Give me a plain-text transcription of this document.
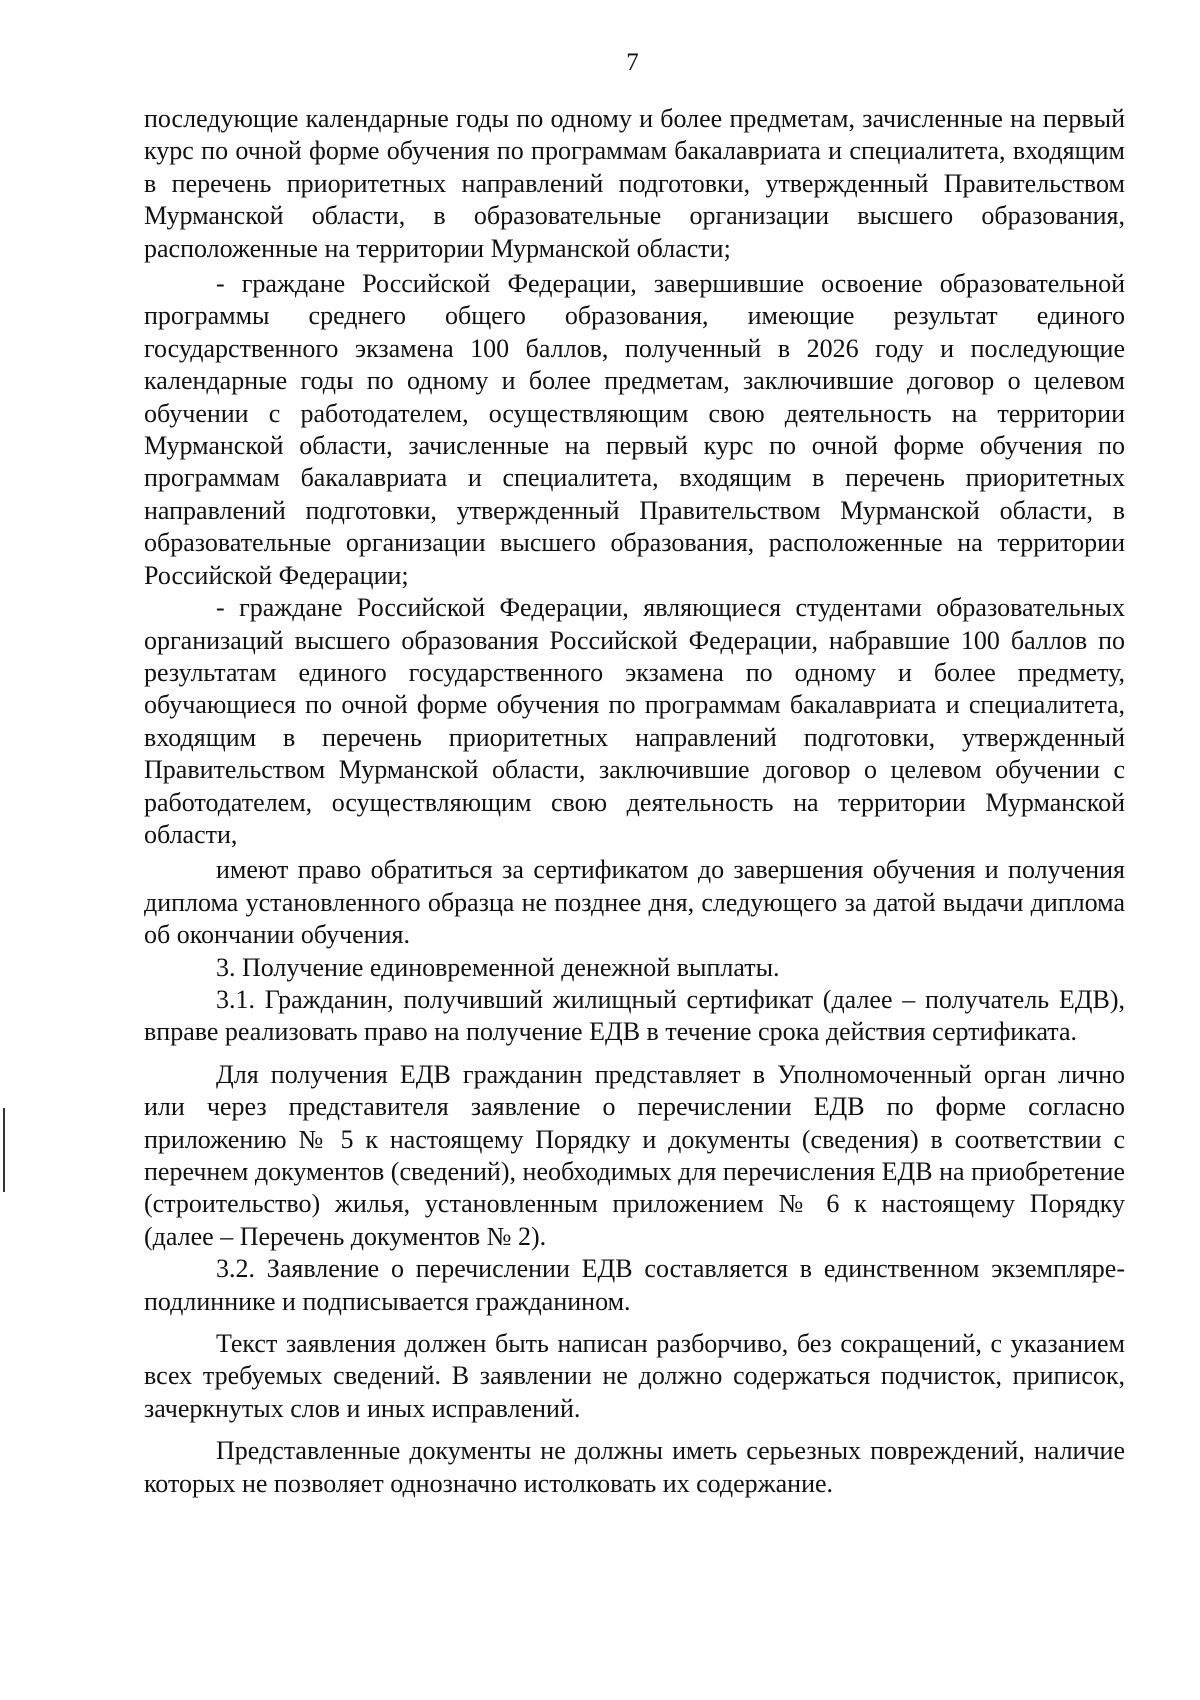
7

последующие календарные годы по одному и более предметам, зачисленные на первый курс по очной форме обучения по программам бакалавриата и специалитета, входящим в перечень приоритетных направлений подготовки, утвержденный Правительством Мурманской области, в образовательные организации высшего образования, расположенные на территории Мурманской области;

- граждане Российской Федерации, завершившие освоение образовательной программы среднего общего образования, имеющие результат единого государственного экзамена 100 баллов, полученный в 2026 году и последующие календарные годы по одному и более предметам, заключившие договор о целевом обучении с работодателем, осуществляющим свою деятельность на территории Мурманской области, зачисленные на первый курс по очной форме обучения по программам бакалавриата и специалитета, входящим в перечень приоритетных направлений подготовки, утвержденный Правительством Мурманской области, в образовательные организации высшего образования, расположенные на территории Российской Федерации;

- граждане Российской Федерации, являющиеся студентами образовательных организаций высшего образования Российской Федерации, набравшие 100 баллов по результатам единого государственного экзамена по одному и более предмету, обучающиеся по очной форме обучения по программам бакалавриата и специалитета, входящим в перечень приоритетных направлений подготовки, утвержденный Правительством Мурманской области, заключившие договор о целевом обучении с работодателем, осуществляющим свою деятельность на территории Мурманской области,

имеют право обратиться за сертификатом до завершения обучения и получения диплома установленного образца не позднее дня, следующего за датой выдачи диплома об окончании обучения.

3. Получение единовременной денежной выплаты.

3.1. Гражданин, получивший жилищный сертификат (далее – получатель ЕДВ), вправе реализовать право на получение ЕДВ в течение срока действия сертификата.

Для получения ЕДВ гражданин представляет в Уполномоченный орган лично или через представителя заявление о перечислении ЕДВ по форме согласно приложению № 5 к настоящему Порядку и документы (сведения) в соответствии с перечнем документов (сведений), необходимых для перечисления ЕДВ на приобретение (строительство) жилья, установленным приложением № 6 к настоящему Порядку (далее – Перечень документов № 2).

3.2. Заявление о перечислении ЕДВ составляется в единственном экземпляре-подлиннике и подписывается гражданином.

Текст заявления должен быть написан разборчиво, без сокращений, с указанием всех требуемых сведений. В заявлении не должно содержаться подчисток, приписок, зачеркнутых слов и иных исправлений.

Представленные документы не должны иметь серьезных повреждений, наличие которых не позволяет однозначно истолковать их содержание.
